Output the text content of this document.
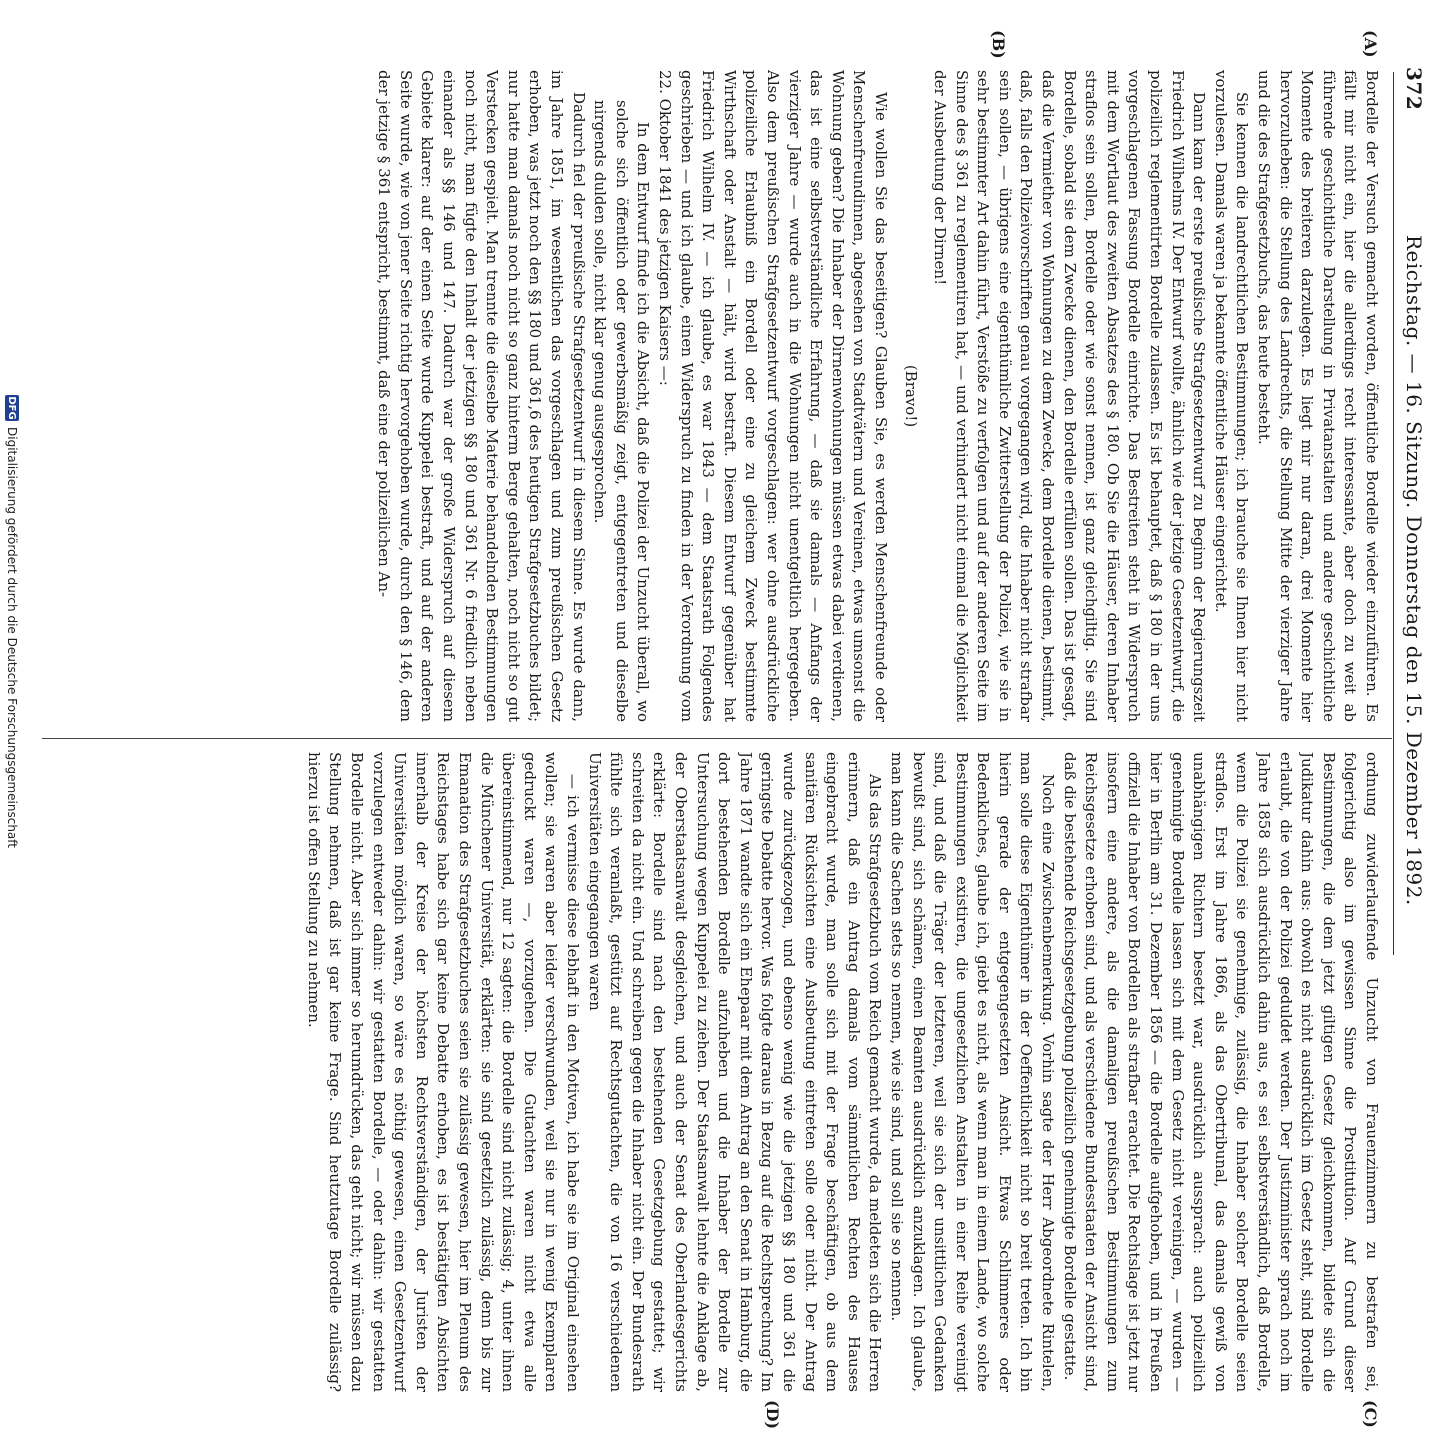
372
Reichstag. — 16. Sitzung. Donnerstag den 15. Dezember 1892.
(A)
(B)
(C)
(D)

Bordelle der Versuch gemacht worden, öffentliche Bordelle wieder einzuführen. Es fällt mir nicht ein, hier die allerdings recht interessante, aber doch zu weit ab führende geschichtliche Darstellung in Privatanstalten und andere geschichtliche Momente des breiteren darzulegen. Es liegt mir nur daran, drei Momente hier hervorzuheben: die Stellung des Landrechts, die Stellung Mitte der vierziger Jahre und die des Strafgesetzbuchs, das heute besteht.

Sie kennen die landrechtlichen Bestimmungen; ich brauche sie Ihnen hier nicht vorzulesen. Damals waren ja bekannte öffentliche Häuser eingerichtet.

Dann kam der erste preußische Strafgesetzentwurf zu Beginn der Regierungszeit Friedrich Wilhelms IV. Der Entwurf wollte, ähnlich wie der jetzige Gesetzentwurf, die polizeilich reglementirten Bordelle zulassen. Es ist behauptet, daß § 180 in der uns vorgeschlagenen Fassung Bordelle einrichte. Das Bestreiten steht in Widerspruch mit dem Wortlaut des zweiten Absatzes des § 180. Ob Sie die Häuser, deren Inhaber straflos sein sollen, Bordelle oder wie sonst nennen, ist ganz gleichgiltig. Sie sind Bordelle, sobald sie dem Zwecke dienen, den Bordelle erfüllen sollen. Das ist gesagt, daß die Vermiether von Wohnungen zu dem Zwecke, dem Bordelle dienen, bestimmt, daß, falls den Polizeivorschriften genau vorgegangen wird, die Inhaber nicht strafbar sein sollen, — übrigens eine eigenthümliche Zwitterstellung der Polizei, wie sie in sehr bestimmter Art dahin führt, Verstöße zu verfolgen und auf der anderen Seite im Sinne des § 361 zu reglementiren hat, — und verhindert nicht einmal die Möglichkeit der Ausbeutung der Dirnen!

(Bravo!)

Wie wollen Sie das beseitigen? Glauben Sie, es werden Menschenfreunde oder Menschenfreundinnen, abgesehen von Stadtvätern und Vereinen, etwas umsonst die Wohnung geben? Die Inhaber der Dirnenwohnungen müssen etwas dabei verdienen, das ist eine selbstverständliche Erfahrung, — daß sie damals — Anfangs der vierziger Jahre — wurde auch in die Wohnungen nicht unentgeltlich hergegeben. Also dem preußischen Strafgesetzentwurf vorgeschlagen: wer ohne ausdrückliche polizeiliche Erlaubniß ein Bordell oder eine zu gleichem Zweck bestimmte Wirthschaft oder Anstalt — hält, wird bestraft. Diesem Entwurf gegenüber hat Friedrich Wilhelm IV. — ich glaube, es war 1843 — dem Staatsrath Folgendes geschrieben — und ich glaube, einen Widerspruch zu finden in der Verordnung vom 22. Oktober 1841 des jetzigen Kaisers —:

In dem Entwurf finde ich die Absicht, daß die Polizei der Unzucht überall, wo solche sich öffentlich oder gewerbsmäßig zeigt, entgegentreten und dieselbe nirgends dulden solle, nicht klar genug ausgesprochen.

Dadurch fiel der preußische Strafgesetzentwurf in diesem Sinne. Es wurde dann, im Jahre 1851, im wesentlichen das vorgeschlagen und zum preußischen Gesetz erhoben, was jetzt noch den §§ 180 und 361,6 des heutigen Strafgesetzbuches bildet; nur hatte man damals noch nicht so ganz hinterm Berge gehalten, noch nicht so gut Verstecken gespielt. Man trennte die dieselbe Materie behandelnden Bestimmungen noch nicht, man fügte den Inhalt der jetzigen §§ 180 und 361 Nr. 6 friedlich neben einander als §§ 146 und 147. Dadurch war der große Widerspruch auf diesem Gebiete klarer: auf der einen Seite wurde Kuppelei bestraft, und auf der anderen Seite wurde, wie von jener Seite richtig hervorgehoben wurde, durch den § 146, dem der jetzige § 361 entspricht, bestimmt, daß eine der polizeilichen An-

ordnung zuwiderlaufende Unzucht von Frauenzimmern zu bestrafen sei, folgerichtig also im gewissen Sinne die Prostitution. Auf Grund dieser Bestimmungen, die dem jetzt giltigen Gesetz gleichkommen, bildete sich die Judikatur dahin aus: obwohl es nicht ausdrücklich im Gesetz steht, sind Bordelle erlaubt, die von der Polizei geduldet werden. Der Justizminister sprach noch im Jahre 1858 sich ausdrücklich dahin aus, es sei selbstverständlich, daß Bordelle, wenn die Polizei sie genehmige, zulässig, die Inhaber solcher Bordelle seien straflos. Erst im Jahre 1866, als das Obertribunal, das damals gewiß von unabhängigen Richtern besetzt war, ausdrücklich aussprach: auch polizeilich genehmigte Bordelle lassen sich mit dem Gesetz nicht vereinigen, — wurden — hier in Berlin am 31. Dezember 1856 — die Bordelle aufgehoben, und in Preußen offiziell die Inhaber von Bordellen als strafbar erachtet. Die Rechtslage ist jetzt nur insofern eine andere, als die damaligen preußischen Bestimmungen zum Reichsgesetze erhoben sind, und als verschiedene Bundesstaaten der Ansicht sind, daß die bestehende Reichsgesetzgebung polizeilich genehmigte Bordelle gestatte.

Noch eine Zwischenbemerkung. Vorhin sagte der Herr Abgeordnete Rintelen, man solle diese Eigenthümer in der Oeffentlichkeit nicht so breit treten. Ich bin hierin gerade der entgegengesetzten Ansicht. Etwas Schlimmeres oder Bedenkliches, glaube ich, giebt es nicht, als wenn man in einem Lande, wo solche Bestimmungen existiren, die ungesetzlichen Anstalten in einer Reihe vereinigt sind, und daß die Träger der letzteren, weil sie sich der unsittlichen Gedanken bewußt sind, sich schämen, einen Beamten ausdrücklich anzuklagen. Ich glaube, man kann die Sachen stets so nennen, wie sie sind, und soll sie so nennen.

Als das Strafgesetzbuch vom Reich gemacht wurde, da meldeten sich die Herren erinnern, daß ein Antrag damals vom sämmtlichen Rechten des Hauses eingebracht wurde, man solle sich mit der Frage beschäftigen, ob aus dem sanitären Rücksichten eine Ausbeutung eintreten solle oder nicht. Der Antrag wurde zurückgezogen, und ebenso wenig wie die jetzigen §§ 180 und 361 die geringste Debatte hervor. Was folgte daraus in Bezug auf die Rechtsprechung? Im Jahre 1871 wandte sich ein Ehepaar mit dem Antrag an den Senat in Hamburg, die dort bestehenden Bordelle aufzuheben und die Inhaber der Bordelle zur Untersuchung wegen Kuppelei zu ziehen. Der Staatsanwalt lehnte die Anklage ab, der Oberstaatsanwalt desgleichen, und auch der Senat des Oberlandesgerichts erklärte: Bordelle sind nach den bestehenden Gesetzgebung gestattet; wir schreiten da nicht ein. Und schreiben gegen die Inhaber nicht ein. Der Bundesrath fühlte sich veranlaßt, gestützt auf Rechtsgutachten, die von 16 verschiedenen Universitäten eingegangen waren

— ich vermisse diese lebhaft in den Motiven, ich habe sie im Original einsehen wollen; sie waren aber leider verschwunden, weil sie nur in wenig Exemplaren gedruckt waren —, vorzugehen. Die Gutachten waren nicht etwa alle übereinstimmend, nur 12 sagten: die Bordelle sind nicht zulässig; 4, unter ihnen die Münchener Universität, erklärten: sie sind gesetzlich zulässig, denn bis zur Emanation des Strafgesetzbuches seien sie zulässig gewesen, hier im Plenum des Reichstages habe sich gar keine Debatte erhoben, es ist bestätigten Absichten innerhalb der Kreise der höchsten Rechtsverständigen, der Juristen der Universitäten möglich waren, so wäre es nöthig gewesen, einen Gesetzentwurf vorzulegen entweder dahin: wir gestatten Bordelle, — oder dahin: wir gestatten Bordelle nicht. Aber sich immer so herumdrücken, das geht nicht; wir müssen dazu Stellung nehmen, daß ist gar keine Frage. Sind heutzutage Bordelle zulässig? hierzu ist offen Stellung zu nehmen.

DFG
Digitalisierung gefördert durch die Deutsche Forschungsgemeinschaft
